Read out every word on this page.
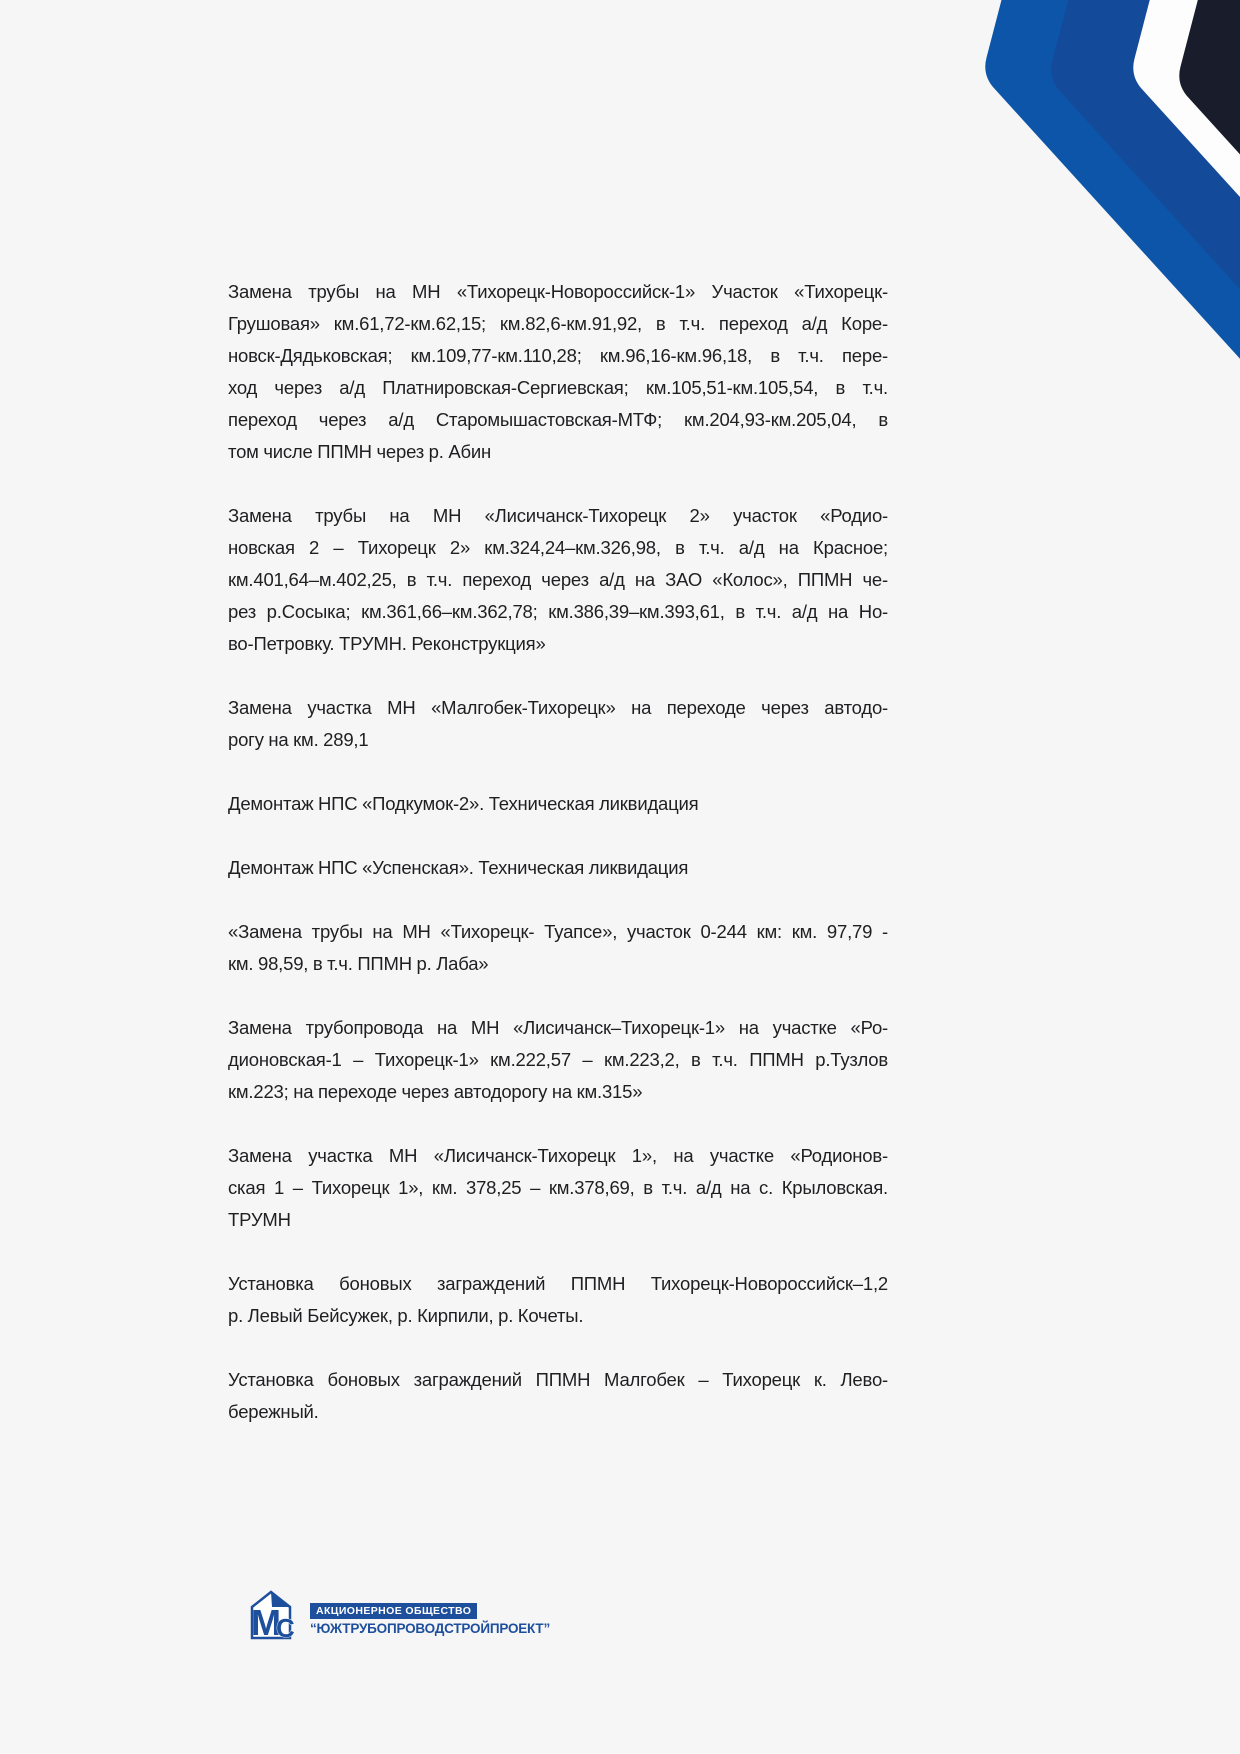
Замена трубы на МН «Тихорецк-Новороссийск-1» Участок «Тихорецк-
Грушовая» км.61,72-км.62,15; км.82,6-км.91,92, в т.ч. переход а/д Коре-
новск-Дядьковская; км.109,77-км.110,28; км.96,16-км.96,18, в т.ч. пере-
ход через а/д Платнировская-Сергиевская; км.105,51-км.105,54, в т.ч.
переход через а/д Старомышастовская-МТФ; км.204,93-км.205,04, в
том числе ППМН через р. Абин
Замена трубы на МН «Лисичанск-Тихорецк 2» участок «Родио-
новская 2 – Тихорецк 2» км.324,24–км.326,98, в т.ч. а/д на Красное;
км.401,64–м.402,25, в т.ч. переход через а/д на ЗАО «Колос», ППМН че-
рез р.Сосыка; км.361,66–км.362,78; км.386,39–км.393,61, в т.ч. а/д на Но-
во-Петровку. ТРУМН. Реконструкция»
Замена участка МН «Малгобек-Тихорецк» на переходе через автодо-
рогу на км. 289,1
Демонтаж НПС «Подкумок-2». Техническая ликвидация
Демонтаж НПС «Успенская». Техническая ликвидация
«Замена трубы на МН «Тихорецк- Туапсе», участок 0-244 км: км. 97,79 -
км. 98,59, в т.ч. ППМН р. Лаба»
Замена трубопровода на МН «Лисичанск–Тихорецк-1» на участке «Ро-
дионовская-1 – Тихорецк-1» км.222,57 – км.223,2, в т.ч. ППМН р.Тузлов
км.223; на переходе через автодорогу на км.315»
Замена участка МН «Лисичанск-Тихорецк 1», на участке «Родионов-
ская 1 – Тихорецк 1», км. 378,25 – км.378,69, в т.ч. а/д на с. Крыловская.
ТРУМН
Установка боновых заграждений ППМН Тихорецк-Новороссийск–1,2
р. Левый Бейсужек, р. Кирпили, р. Кочеты.
Установка боновых заграждений ППМН Малгобек – Тихорецк к. Лево-
бережный.
М
С
АКЦИОНЕРНОЕ ОБЩЕСТВО
“ЮЖТРУБОПРОВОДСТРОЙПРОЕКТ”
